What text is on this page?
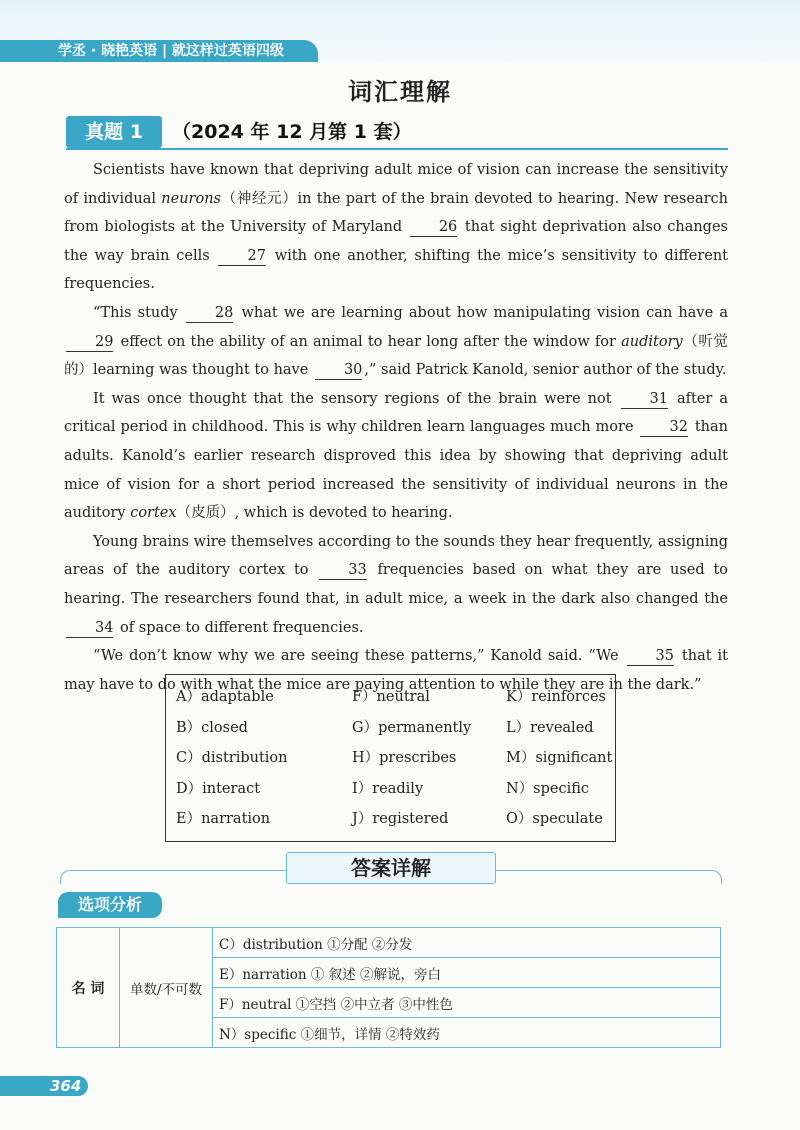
学丞 · 晓艳英语 | 就这样过英语四级
词汇理解
真题 1	（2024 年 12 月第 1 套）

Scientists have known that depriving adult mice of vision can increase the sensitivity of individual neurons（神经元）in the part of the brain devoted to hearing. New research from biologists at the University of Maryland 26 that sight deprivation also changes the way brain cells 27 with one another, shifting the mice’s sensitivity to different frequencies.

“This study 28 what we are learning about how manipulating vision can have a 29 effect on the ability of an animal to hear long after the window for auditory（听觉的）learning was thought to have 30 ,” said Patrick Kanold, senior author of the study.

It was once thought that the sensory regions of the brain were not 31 after a critical period in childhood. This is why children learn languages much more 32 than adults. Kanold’s earlier research disproved this idea by showing that depriving adult mice of vision for a short period increased the sensitivity of individual neurons in the auditory cortex（皮质）, which is devoted to hearing.

Young brains wire themselves according to the sounds they hear frequently, assigning areas of the auditory cortex to 33 frequencies based on what they are used to hearing. The researchers found that, in adult mice, a week in the dark also changed the 34 of space to different frequencies.

“We don’t know why we are seeing these patterns,” Kanold said. “We 35 that it may have to do with what the mice are paying attention to while they are in the dark.”

A）adaptable	F）neutral	K）reinforces
B）closed	G）permanently	L）revealed
C）distribution	H）prescribes	M）significant
D）interact	I）readily	N）specific
E）narration	J）registered	O）speculate
答案详解
选项分析
名 词	单数/不可数	C）distribution ①分配 ②分发
E）narration ① 叙述 ②解说，旁白
F）neutral ①空挡 ②中立者 ③中性色
N）specific ①细节，详情 ②特效药
364
